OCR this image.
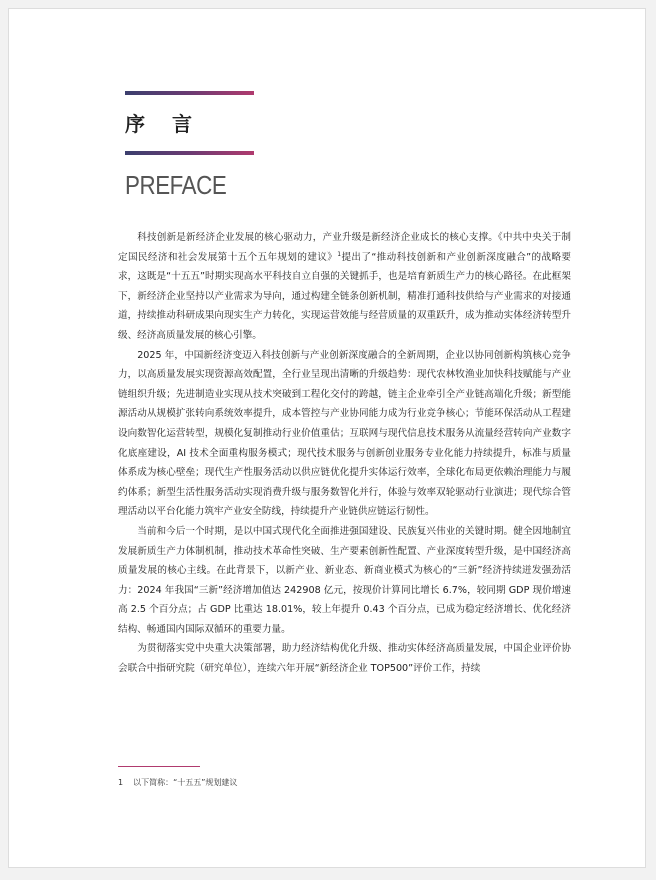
序 言
PREFACE

科技创新是新经济企业发展的核心驱动力，产业升级是新经济企业成长的核心支撑。《中共中央关于制定国民经济和社会发展第十五个五年规划的建议》$^1$提出了“推动科技创新和产业创新深度融合”的战略要求，这既是“十五五”时期实现高水平科技自立自强的关键抓手，也是培育新质生产力的核心路径。在此框架下，新经济企业坚持以产业需求为导向，通过构建全链条创新机制，精准打通科技供给与产业需求的对接通道，持续推动科研成果向现实生产力转化，实现运营效能与经营质量的双重跃升，成为推动实体经济转型升级、经济高质量发展的核心引擎。

2025 年，中国新经济变迈入科技创新与产业创新深度融合的全新周期，企业以协同创新构筑核心竞争力，以高质量发展实现资源高效配置，全行业呈现出清晰的升级趋势：现代农林牧渔业加快科技赋能与产业链组织升级；先进制造业实现从技术突破到工程化交付的跨越，链主企业牵引全产业链高端化升级；新型能源活动从规模扩张转向系统效率提升，成本管控与产业协同能力成为行业竞争核心；节能环保活动从工程建设向数智化运营转型，规模化复制推动行业价值重估；互联网与现代信息技术服务从流量经营转向产业数字化底座建设，AI 技术全面重构服务模式；现代技术服务与创新创业服务专业化能力持续提升，标准与质量体系成为核心壁垒；现代生产性服务活动以供应链优化提升实体运行效率，全球化布局更依赖治理能力与履约体系；新型生活性服务活动实现消费升级与服务数智化并行，体验与效率双轮驱动行业演进；现代综合管理活动以平台化能力筑牢产业安全防线，持续提升产业链供应链运行韧性。

当前和今后一个时期，是以中国式现代化全面推进强国建设、民族复兴伟业的关键时期。健全因地制宜发展新质生产力体制机制，推动技术革命性突破、生产要素创新性配置、产业深度转型升级，是中国经济高质量发展的核心主线。在此背景下，以新产业、新业态、新商业模式为核心的“三新”经济持续迸发强劲活力：2024 年我国“三新”经济增加值达 242908 亿元，按现价计算同比增长 6.7%，较同期 GDP 现价增速高 2.5 个百分点；占 GDP 比重达 18.01%，较上年提升 0.43 个百分点，已成为稳定经济增长、优化经济结构、畅通国内国际双循环的重要力量。

为贯彻落实党中央重大决策部署，助力经济结构优化升级、推动实体经济高质量发展，中国企业评价协会联合中指研究院（研究单位），连续六年开展“新经济企业 TOP500”评价工作，持续

1 以下简称：“十五五”规划建议
